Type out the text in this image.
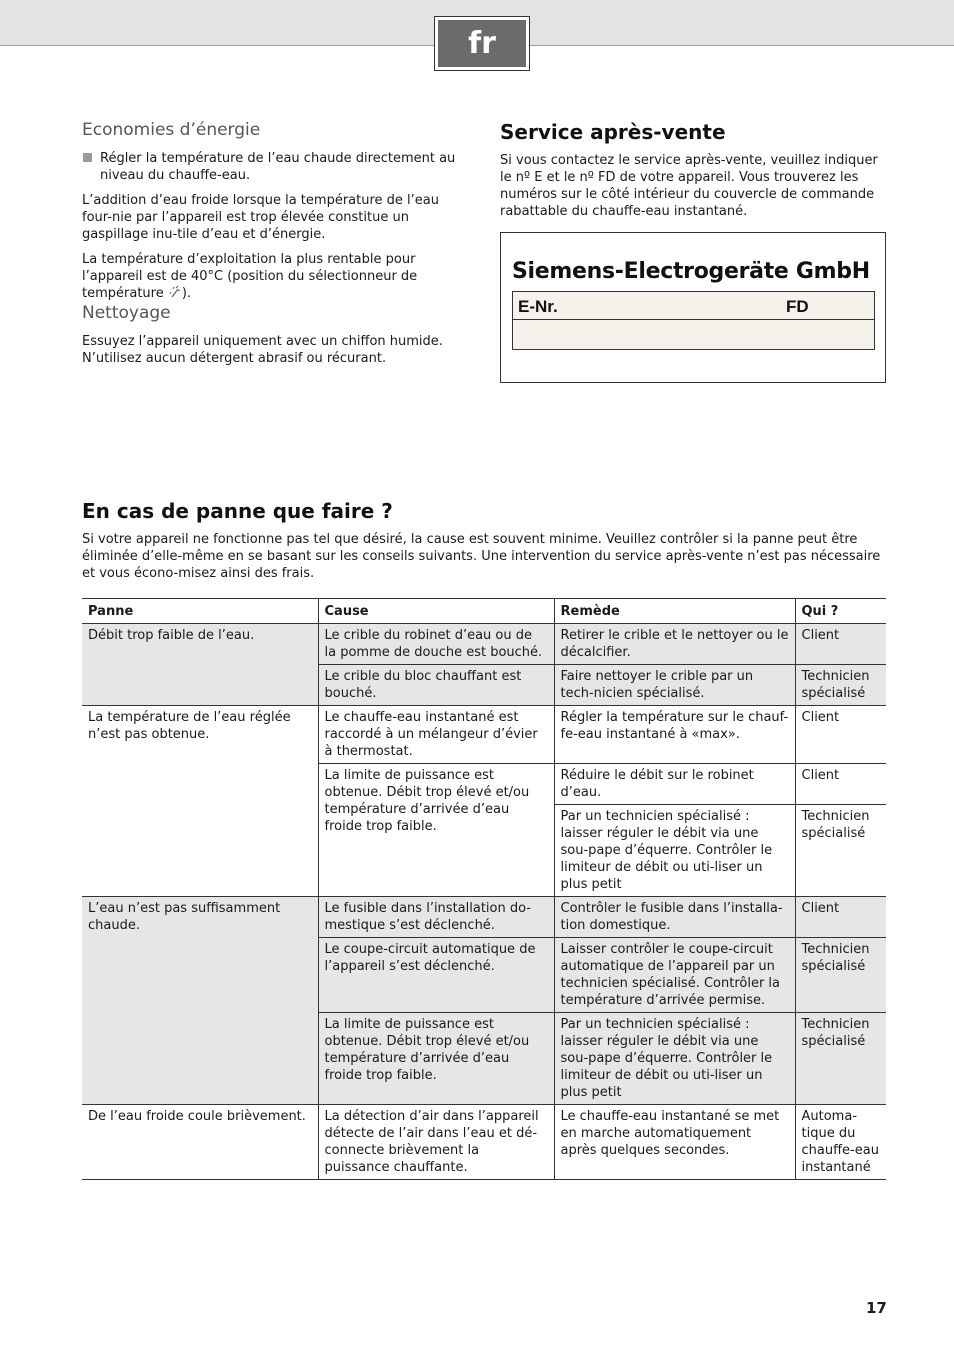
fr
Economies d’énergie

Régler la température de l’eau chaude directement au niveau du chauffe-eau.

L’addition d’eau froide lorsque la température de l’eau four-nie par l’appareil est trop élevée constitue un gaspillage inu-tile d’eau et d’énergie.

La température d’exploitation la plus rentable pour l’appareil est de 40°C (position du sélectionneur de température ).

Nettoyage

Essuyez l’appareil uniquement avec un chiffon humide. N’utilisez aucun détergent abrasif ou récurant.

Service après-vente

Si vous contactez le service après-vente, veuillez indiquer le nº E et le nº FD de votre appareil. Vous trouverez les numéros sur le côté intérieur du couvercle de commande rabattable du chauffe-eau instantané.

Siemens-Electrogeräte GmbH
E-Nr.	FD
En cas de panne que faire ?

Si votre appareil ne fonctionne pas tel que désiré, la cause est souvent minime. Veuillez contrôler si la panne peut être éliminée d’elle-même en se basant sur les conseils suivants. Une intervention du service après-vente n’est pas nécessaire et vous écono-misez ainsi des frais.

Panne	Cause	Remède	Qui ?
Débit trop faible de l’eau.	Le crible du robinet d’eau ou de la pomme de douche est bouché.	Retirer le crible et le nettoyer ou le décalcifier.	Client
	Le crible du bloc chauffant est bouché.	Faire nettoyer le crible par un tech-nicien spécialisé.	Technicien spécialisé
La température de l’eau réglée n’est pas obtenue.	Le chauffe-eau instantané est raccordé à un mélangeur d’évier à thermostat.	Régler la température sur le chauf-fe-eau instantané à «max».	Client
	La limite de puissance est obtenue. Débit trop élevé et/ou température d’arrivée d’eau froide trop faible.	Réduire le débit sur le robinet d’eau.	Client
		Par un technicien spécialisé : laisser réguler le débit via une sou-pape d’équerre. Contrôler le limiteur de débit ou uti-liser un plus petit	Technicien spécialisé
L’eau n’est pas suffisamment chaude.	Le fusible dans l’installation do-mestique s’est déclenché.	Contrôler le fusible dans l’installa-tion domestique.	Client
	Le coupe-circuit automatique de l’appareil s’est déclenché.	Laisser contrôler le coupe-circuit automatique de l’appareil par un technicien spécialisé. Contrôler la température d’arrivée permise.	Technicien spécialisé
	La limite de puissance est obtenue. Débit trop élevé et/ou température d’arrivée d’eau froide trop faible.	Par un technicien spécialisé : laisser réguler le débit via une sou-pape d’équerre. Contrôler le limiteur de débit ou uti-liser un plus petit	Technicien spécialisé
De l’eau froide coule brièvement.	La détection d’air dans l’appareil détecte de l’air dans l’eau et dé-connecte brièvement la puissance chauffante.	Le chauffe-eau instantané se met en marche automatiquement après quelques secondes.	Automa-tique du chauffe-eau instantané
17
